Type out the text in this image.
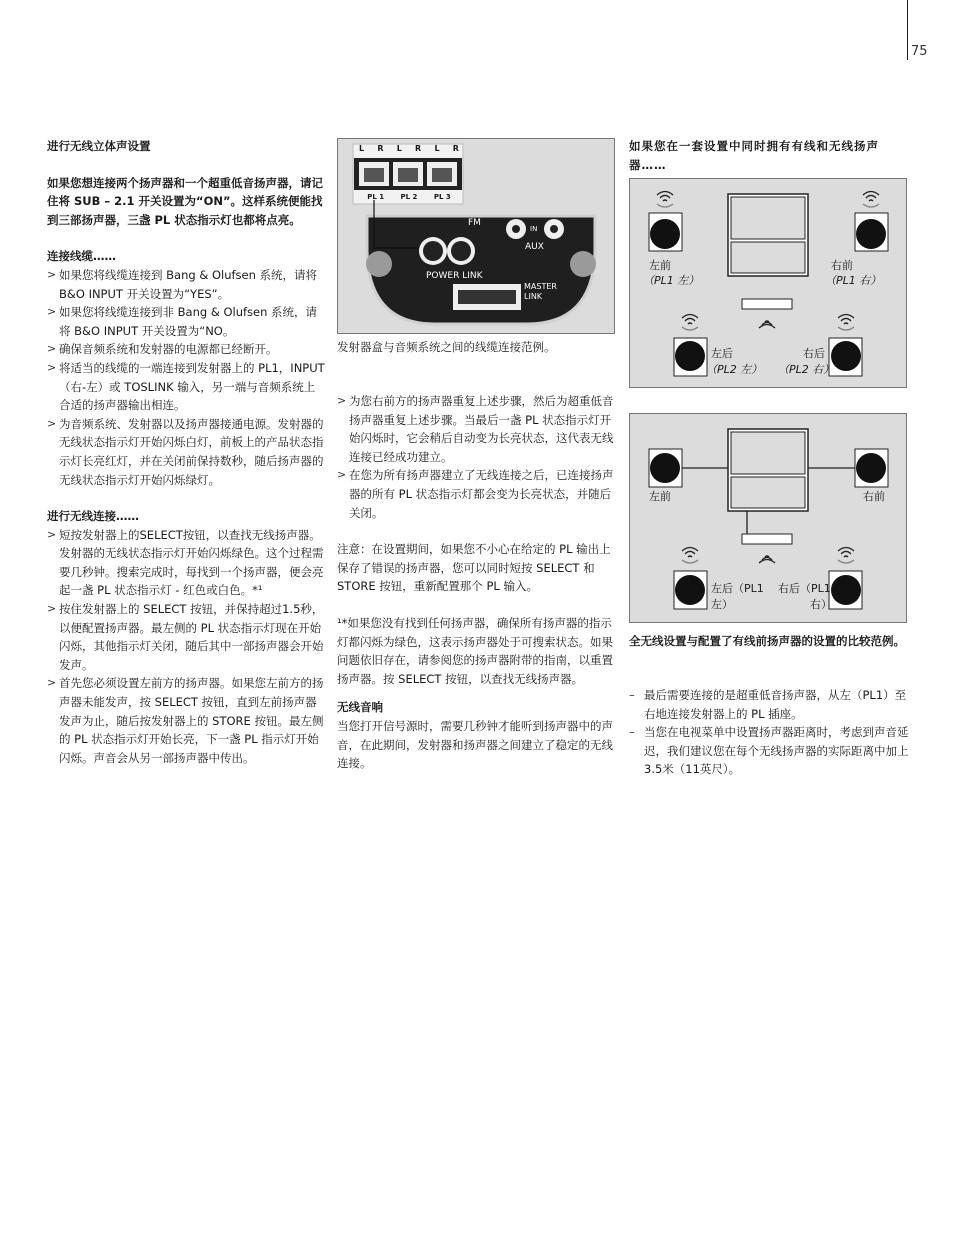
75

进行无线立体声设置

如果您想连接两个扬声器和一个超重低音扬声器，请记住将 SUB – 2.1 开关设置为“ON”。这样系统便能找到三部扬声器，三盏 PL 状态指示灯也都将点亮。

连接线缆……

> 如果您将线缆连接到 Bang & Olufsen 系统，请将 B&O INPUT 开关设置为“YES”。
> 如果您将线缆连接到非 Bang & Olufsen 系统，请将 B&O INPUT 开关设置为“NO。
> 确保音频系统和发射器的电源都已经断开。
> 将适当的线缆的一端连接到发射器上的 PL1，INPUT（右-左）或 TOSLINK 输入，另一端与音频系统上合适的扬声器输出相连。
> 为音频系统、发射器以及扬声器接通电源。发射器的无线状态指示灯开始闪烁白灯，前板上的产品状态指示灯长亮红灯，并在关闭前保持数秒，随后扬声器的无线状态指示灯开始闪烁绿灯。

进行无线连接……

> 短按发射器上的SELECT按钮，以查找无线扬声器。发射器的无线状态指示灯开始闪烁绿色。这个过程需要几秒钟。搜索完成时，每找到一个扬声器，便会亮起一盏 PL 状态指示灯 - 红色或白色。*¹
> 按住发射器上的 SELECT 按钮，并保持超过1.5秒，以便配置扬声器。最左侧的 PL 状态指示灯现在开始闪烁，其他指示灯关闭，随后其中一部扬声器会开始发声。
> 首先您必须设置左前方的扬声器。如果您左前方的扬声器未能发声，按 SELECT 按钮，直到左前扬声器发声为止，随后按发射器上的 STORE 按钮。最左侧的 PL 状态指示灯开始长亮，下一盏 PL 指示灯开始闪烁。声音会从另一部扬声器中传出。
L R L R L R
PL 1 PL 2 PL 3
FM
IN
AUX
POWER LINK
MASTER
LINK
发射器盒与音频系统之间的线缆连接范例。
> 为您右前方的扬声器重复上述步骤，然后为超重低音扬声器重复上述步骤。当最后一盏 PL 状态指示灯开始闪烁时，它会稍后自动变为长亮状态，这代表无线连接已经成功建立。
> 在您为所有扬声器建立了无线连接之后，已连接扬声器的所有 PL 状态指示灯都会变为长亮状态，并随后关闭。

注意：在设置期间，如果您不小心在给定的 PL 输出上保存了错误的扬声器，您可以同时短按 SELECT 和 STORE 按钮，重新配置那个 PL 输入。

¹*如果您没有找到任何扬声器，确保所有扬声器的指示灯都闪烁为绿色，这表示扬声器处于可搜索状态。如果问题依旧存在，请参阅您的扬声器附带的指南，以重置扬声器。按 SELECT 按钮，以查找无线扬声器。

无线音响

当您打开信号源时，需要几秒钟才能听到扬声器中的声音，在此期间，发射器和扬声器之间建立了稳定的无线连接。

如果您在一套设置中同时拥有有线和无线扬声器……
左前
（PL1 左）
右前
（PL1 右）
左后
（PL2 左）
右后
（PL2 右）
左前	右前
左后（PL1
左）
右后（PL1
右）
全无线设置与配置了有线前扬声器的设置的比较范例。
– 最后需要连接的是超重低音扬声器，从左（PL1）至右地连接发射器上的 PL 插座。
– 当您在电视菜单中设置扬声器距离时，考虑到声音延迟，我们建议您在每个无线扬声器的实际距离中加上3.5米（11英尺）。
